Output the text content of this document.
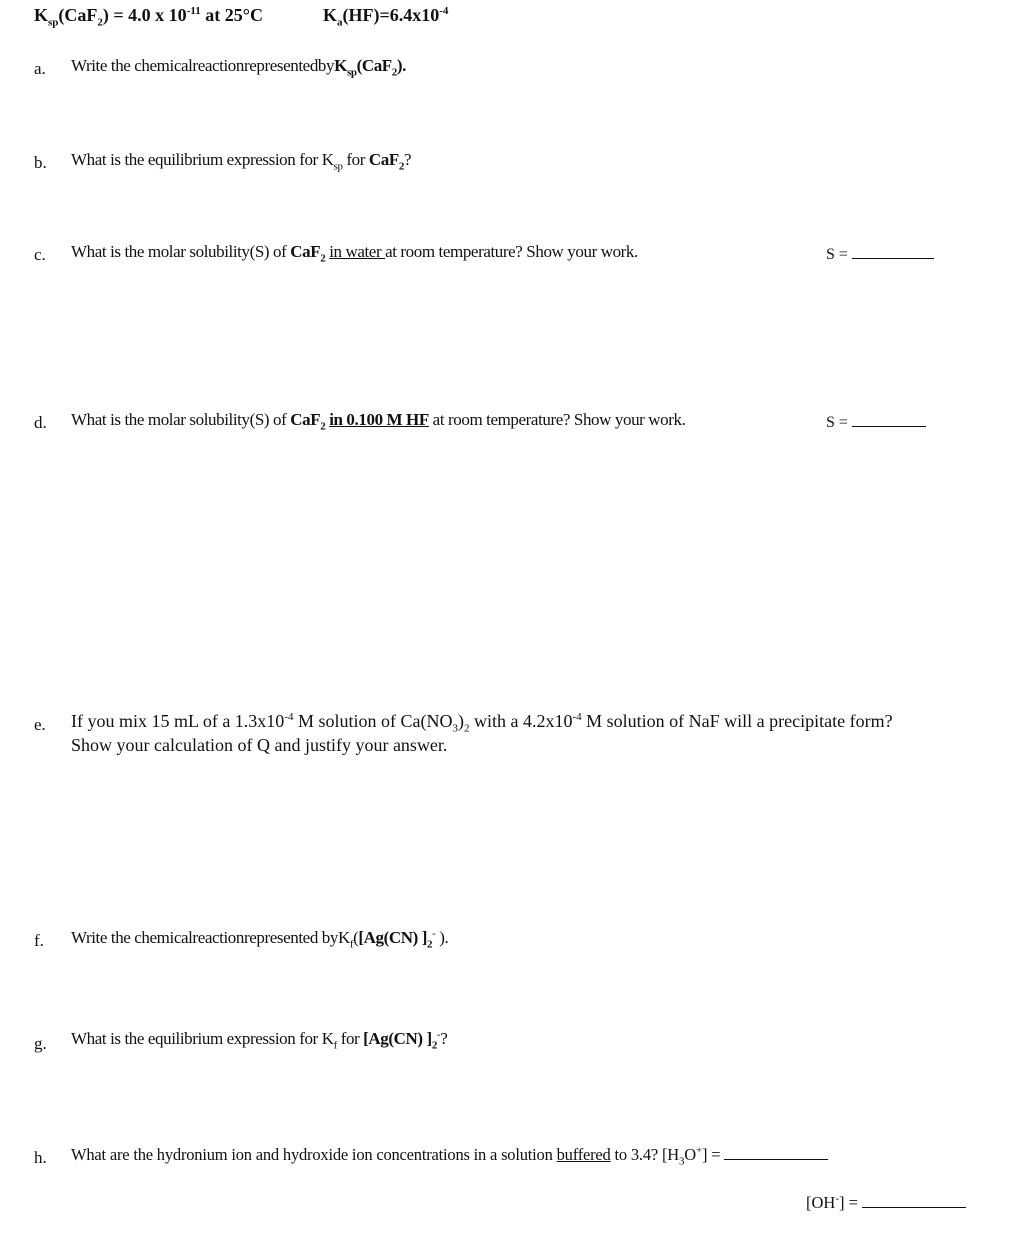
$K_{sp}(CaF_2) = 4.0$ x $10^{-11}$ at 25°C	$K_a(HF)=6.4x10^{-4}$
a. Write the chemicalreactionrepresentedbyK$_{sp}$(CaF$_2$).
b. What is the equilibrium expression for $K_{sp}$ for CaF$_2$?
c. What is the molar solubility(S) of CaF$_2$ in water at room temperature? Show your work.	S =
d. What is the molar solubility(S) of CaF$_2$ in 0.100 M HF at room temperature? Show your work.	S =
e. If you mix 15 mL of a $1.3x10^{-4}$ M solution of $Ca(NO_3)_2$ with a $4.2x10^{-4}$ M solution of NaF will a precipitate form?
Show your calculation of Q and justify your answer.
f. Write the chemicalreactionrepresented byK$_f$([Ag(CN) ]$_2^-$ ).
g. What is the equilibrium expression for $K_f$ for [Ag(CN) ]$_2^-$?
h. What are the hydronium ion and hydroxide ion concentrations in a solution buffered to 3.4? $[H_3O^+]$ =
[OH-] =
